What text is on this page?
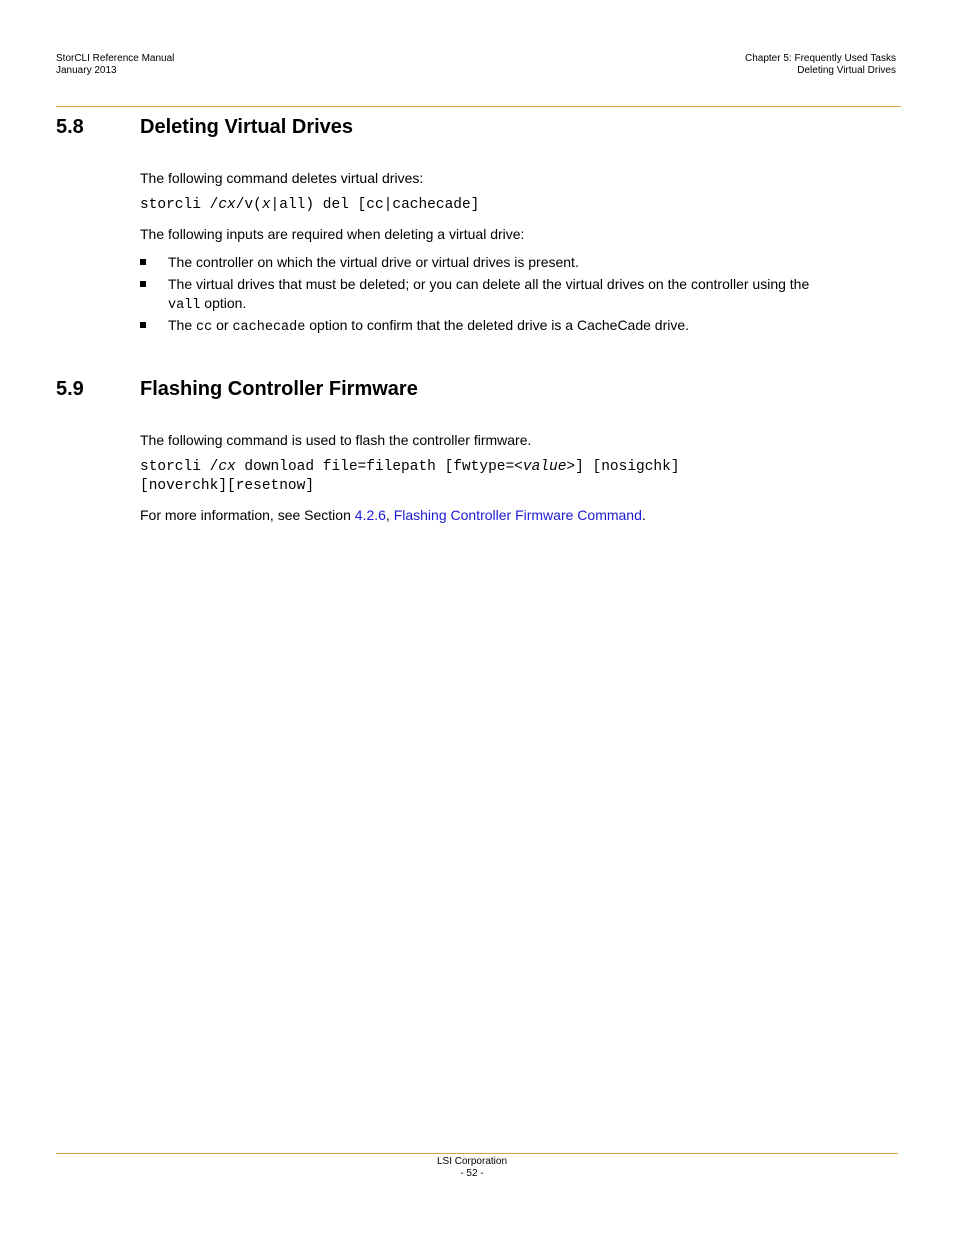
StorCLI Reference Manual
January 2013
Chapter 5: Frequently Used Tasks
Deleting Virtual Drives
5.8	Deleting Virtual Drives
The following command deletes virtual drives:
storcli /cx/v(x|all) del [cc|cachecade]
The following inputs are required when deleting a virtual drive:
The controller on which the virtual drive or virtual drives is present.
The virtual drives that must be deleted; or you can delete all the virtual drives on the controller using the
vall option.
The cc or cachecade option to confirm that the deleted drive is a CacheCade drive.
5.9	Flashing Controller Firmware
The following command is used to flash the controller firmware.
storcli /cx download file=filepath [fwtype=<value>] [nosigchk]
[noverchk][resetnow]
For more information, see Section 4.2.6, Flashing Controller Firmware Command.
LSI Corporation
- 52 -
